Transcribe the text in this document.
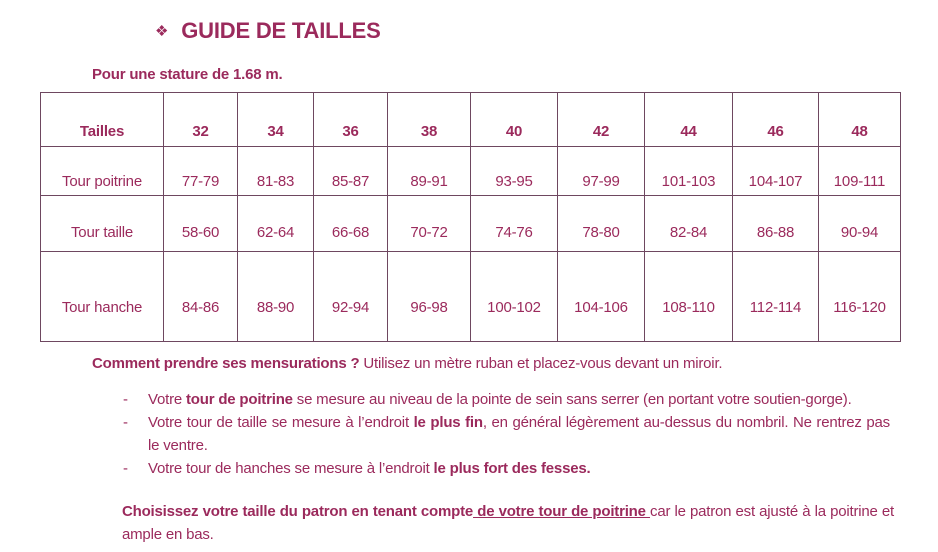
❖ GUIDE DE TAILLES
Pour une stature de 1.68 m.
Tailles	32	34	36	38	40	42	44	46	48
Tour poitrine	77-79	81-83	85-87	89-91	93-95	97-99	101-103	104-107	109-111
Tour taille	58-60	62-64	66-68	70-72	74-76	78-80	82-84	86-88	90-94
Tour hanche	84-86	88-90	92-94	96-98	100-102	104-106	108-110	112-114	116-120
Comment prendre ses mensurations ? Utilisez un mètre ruban et placez-vous devant un miroir.
-	Votre tour de poitrine se mesure au niveau de la pointe de sein sans serrer (en portant votre soutien-gorge).
-	Votre tour de taille se mesure à l’endroit le plus fin, en général légèrement au-dessus du nombril. Ne rentrez pas le ventre.
-	Votre tour de hanches se mesure à l’endroit le plus fort des fesses.
Choisissez votre taille du patron en tenant compte de votre tour de poitrine car le patron est ajusté à la poitrine et ample en bas.
